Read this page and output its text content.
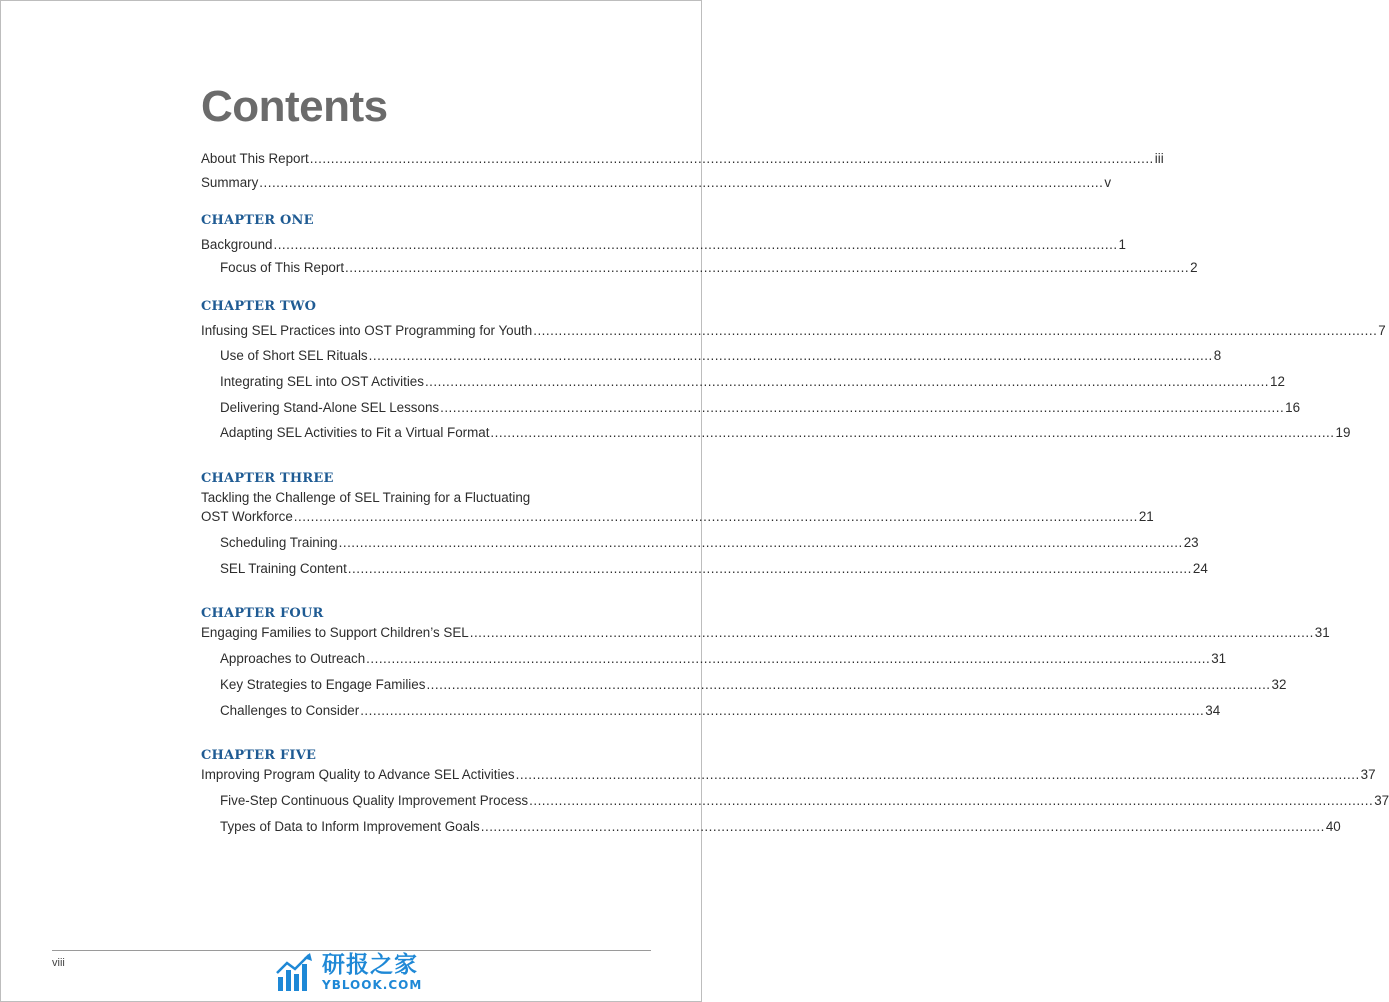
Contents
About This Report ........................................................................................................................................................................................................ iii
Summary ........................................................................................................................................................................................................ v
CHAPTER ONE
Background ........................................................................................................................................................................................................ 1
Focus of This Report ........................................................................................................................................................................................................ 2
CHAPTER TWO
Infusing SEL Practices into OST Programming for Youth ........................................................................................................................................................................................................ 7
Use of Short SEL Rituals ........................................................................................................................................................................................................ 8
Integrating SEL into OST Activities ........................................................................................................................................................................................................ 12
Delivering Stand-Alone SEL Lessons ........................................................................................................................................................................................................ 16
Adapting SEL Activities to Fit a Virtual Format ........................................................................................................................................................................................................ 19
CHAPTER THREE
Tackling the Challenge of SEL Training for a Fluctuating
OST Workforce ........................................................................................................................................................................................................ 21
Scheduling Training ........................................................................................................................................................................................................ 23
SEL Training Content ........................................................................................................................................................................................................ 24
CHAPTER FOUR
Engaging Families to Support Children’s SEL ........................................................................................................................................................................................................ 31
Approaches to Outreach ........................................................................................................................................................................................................ 31
Key Strategies to Engage Families ........................................................................................................................................................................................................ 32
Challenges to Consider ........................................................................................................................................................................................................ 34
CHAPTER FIVE
Improving Program Quality to Advance SEL Activities ........................................................................................................................................................................................................ 37
Five-Step Continuous Quality Improvement Process ........................................................................................................................................................................................................ 37
Types of Data to Inform Improvement Goals ........................................................................................................................................................................................................ 40
viii	研报之家
YBLOOK.COM
